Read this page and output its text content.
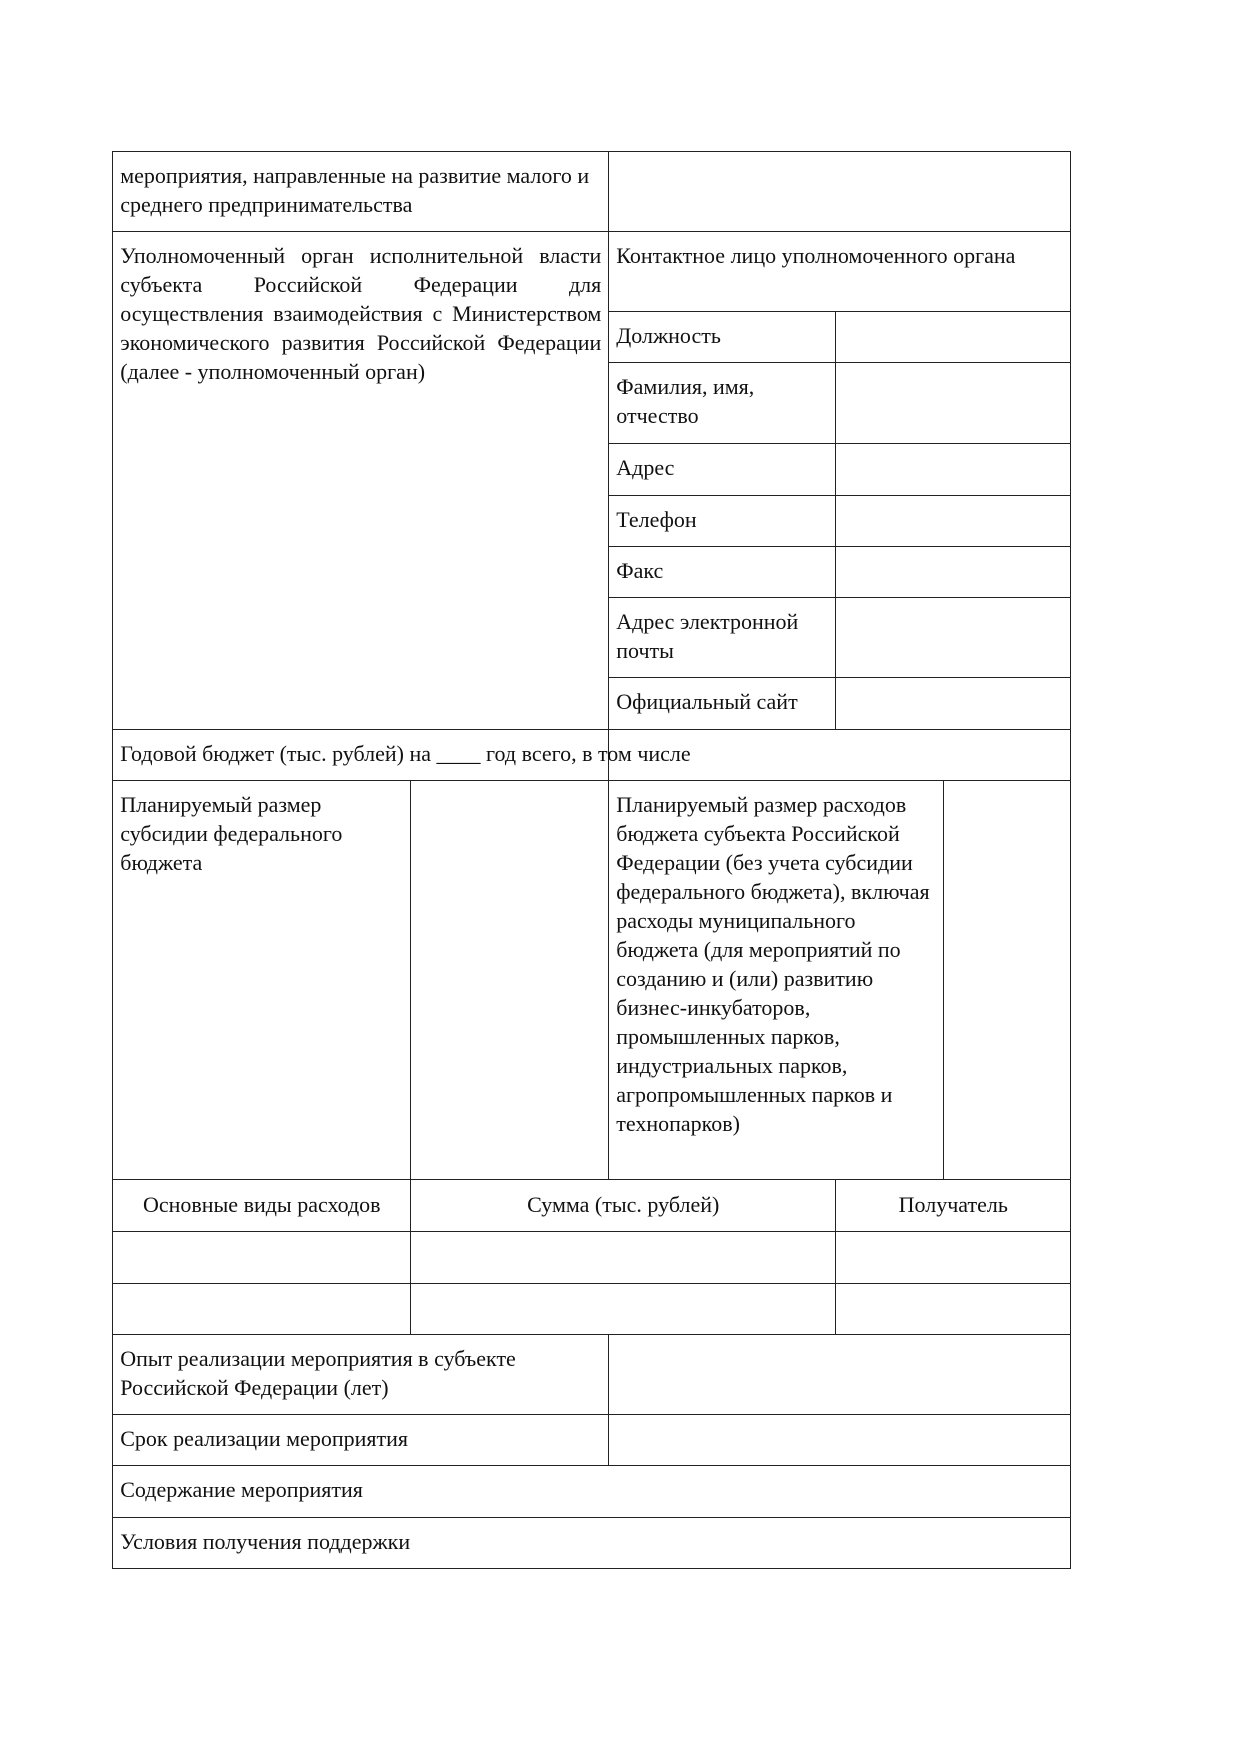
мероприятия, направленные на развитие малого и среднего предпринимательства
Уполномоченный орган исполнительной власти субъекта Российской Федерации для осуществления взаимодействия с Министерством экономического развития Российской Федерации (далее - уполномоченный орган)
Контактное лицо уполномоченного органа
Должность
Фамилия, имя, отчество
Адрес
Телефон
Факс
Адрес электронной почты
Официальный сайт
Годовой бюджет (тыс. рублей) на ____ год всего, в том числе
Планируемый размер субсидии федерального бюджета
Планируемый размер расходов бюджета субъекта Российской Федерации (без учета субсидии федерального бюджета), включая расходы муниципального бюджета (для мероприятий по созданию и (или) развитию бизнес-инкубаторов, промышленных парков, индустриальных парков, агропромышленных парков и технопарков)
Основные виды расходов	Сумма (тыс. рублей)	Получатель
Опыт реализации мероприятия в субъекте Российской Федерации (лет)
Срок реализации мероприятия
Содержание мероприятия
Условия получения поддержки
